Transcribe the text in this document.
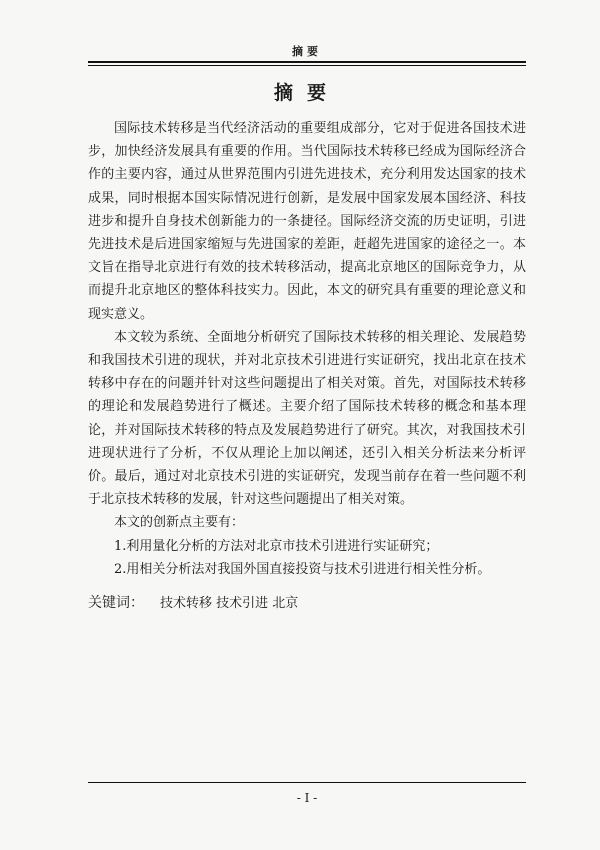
摘要
摘要

国际技术转移是当代经济活动的重要组成部分，它对于促进各国技术进步，加快经济发展具有重要的作用。当代国际技术转移已经成为国际经济合作的主要内容，通过从世界范围内引进先进技术，充分利用发达国家的技术成果，同时根据本国实际情况进行创新，是发展中国家发展本国经济、科技进步和提升自身技术创新能力的一条捷径。国际经济交流的历史证明，引进先进技术是后进国家缩短与先进国家的差距，赶超先进国家的途径之一。本文旨在指导北京进行有效的技术转移活动，提高北京地区的国际竞争力，从而提升北京地区的整体科技实力。因此，本文的研究具有重要的理论意义和现实意义。

本文较为系统、全面地分析研究了国际技术转移的相关理论、发展趋势和我国技术引进的现状，并对北京技术引进进行实证研究，找出北京在技术转移中存在的问题并针对这些问题提出了相关对策。首先，对国际技术转移的理论和发展趋势进行了概述。主要介绍了国际技术转移的概念和基本理论，并对国际技术转移的特点及发展趋势进行了研究。其次，对我国技术引进现状进行了分析，不仅从理论上加以阐述，还引入相关分析法来分析评价。最后，通过对北京技术引进的实证研究，发现当前存在着一些问题不利于北京技术转移的发展，针对这些问题提出了相关对策。

本文的创新点主要有：

1.利用量化分析的方法对北京市技术引进进行实证研究；

2.用相关分析法对我国外国直接投资与技术引进进行相关性分析。

关键词： 技术转移 技术引进 北京
- I -
